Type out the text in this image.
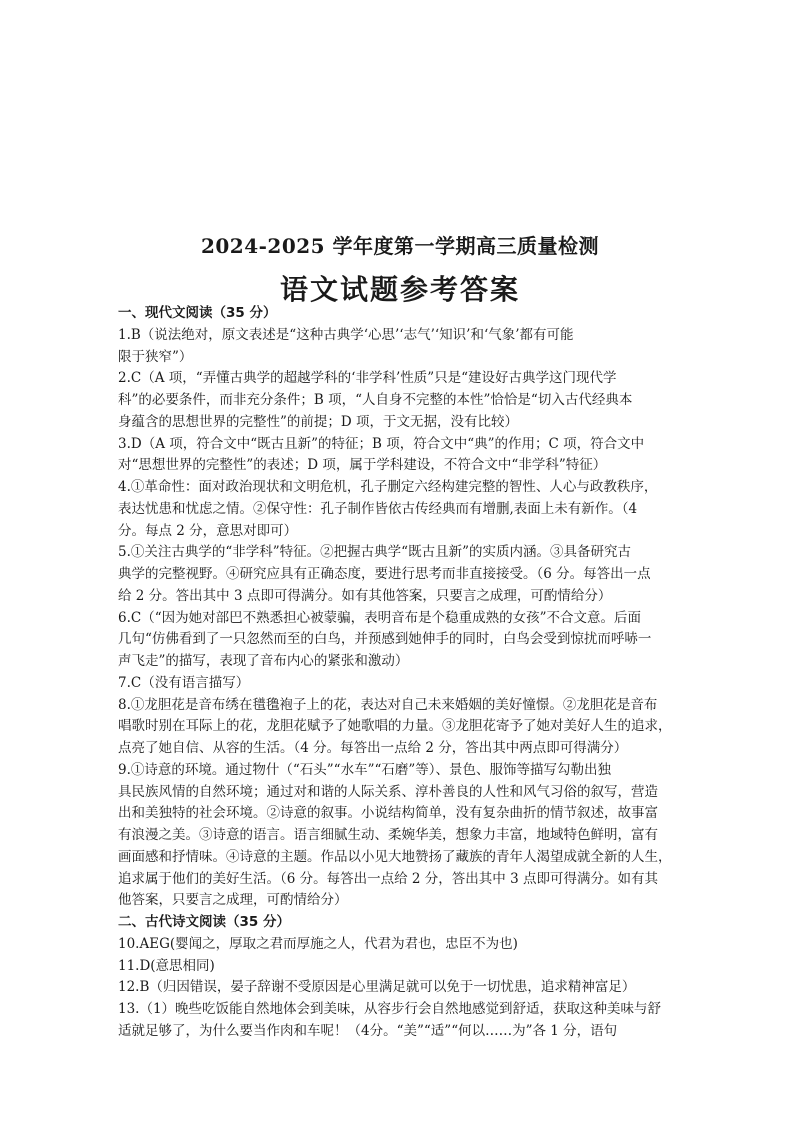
2024-2025 学年度第一学期高三质量检测
语文试题参考答案
一、现代文阅读（35 分）
1.B（说法绝对，原文表述是“这种古典学‘心思’‘志气’‘知识’和‘气象’都有可能
限于狭窄”）
2.C（A 项，“弄懂古典学的超越学科的‘非学科’性质”只是“建设好古典学这门现代学
科”的必要条件，而非充分条件；B 项，“人自身不完整的本性”恰恰是“切入古代经典本
身蕴含的思想世界的完整性”的前提；D 项，于文无据，没有比较）
3.D（A 项，符合文中“既古且新”的特征；B 项，符合文中“典”的作用；C 项，符合文中
对“思想世界的完整性”的表述；D 项，属于学科建设，不符合文中“非学科”特征）
4.①革命性：面对政治现状和文明危机，孔子删定六经构建完整的智性、人心与政教秩序，
表达忧患和忧虑之情。②保守性：孔子制作皆依古传经典而有增删,表面上未有新作。（4
分。每点 2 分，意思对即可）
5.①关注古典学的“非学科”特征。②把握古典学“既古且新”的实质内涵。③具备研究古
典学的完整视野。④研究应具有正确态度，要进行思考而非直接接受。（6 分。每答出一点
给 2 分。答出其中 3 点即可得满分。如有其他答案，只要言之成理，可酌情给分）
6.C（“因为她对部巴不熟悉担心被蒙骗，表明音布是个稳重成熟的女孩”不合文意。后面
几句“仿佛看到了一只忽然而至的白鸟，并预感到她伸手的同时，白鸟会受到惊扰而呼哧一
声飞走”的描写，表现了音布内心的紧张和激动）
7.C（没有语言描写）
8.①龙胆花是音布绣在氆氇袍子上的花，表达对自己未来婚姻的美好憧憬。②龙胆花是音布
唱歌时别在耳际上的花，龙胆花赋予了她歌唱的力量。③龙胆花寄予了她对美好人生的追求，
点亮了她自信、从容的生活。（4 分。每答出一点给 2 分，答出其中两点即可得满分）
9.①诗意的环境。通过物什（“石头”“水车”“石磨”等）、景色、服饰等描写勾勒出独
具民族风情的自然环境；通过对和谐的人际关系、淳朴善良的人性和风气习俗的叙写，营造
出和美独特的社会环境。②诗意的叙事。小说结构简单，没有复杂曲折的情节叙述，故事富
有浪漫之美。③诗意的语言。语言细腻生动、柔婉华美，想象力丰富，地域特色鲜明，富有
画面感和抒情味。④诗意的主题。作品以小见大地赞扬了藏族的青年人渴望成就全新的人生，
追求属于他们的美好生活。（6 分。每答出一点给 2 分，答出其中 3 点即可得满分。如有其
他答案，只要言之成理，可酌情给分）
二、古代诗文阅读（35 分）
10.AEG(婴闻之，厚取之君而厚施之人，代君为君也，忠臣不为也)
11.D(意思相同)
12.B（归因错误，晏子辞谢不受原因是心里满足就可以免于一切忧患，追求精神富足）
13.（1）晚些吃饭能自然地体会到美味，从容步行会自然地感觉到舒适，获取这种美味与舒
适就足够了，为什么要当作肉和车呢！（4分。“美”“适”“何以……为”各 1 分，语句
